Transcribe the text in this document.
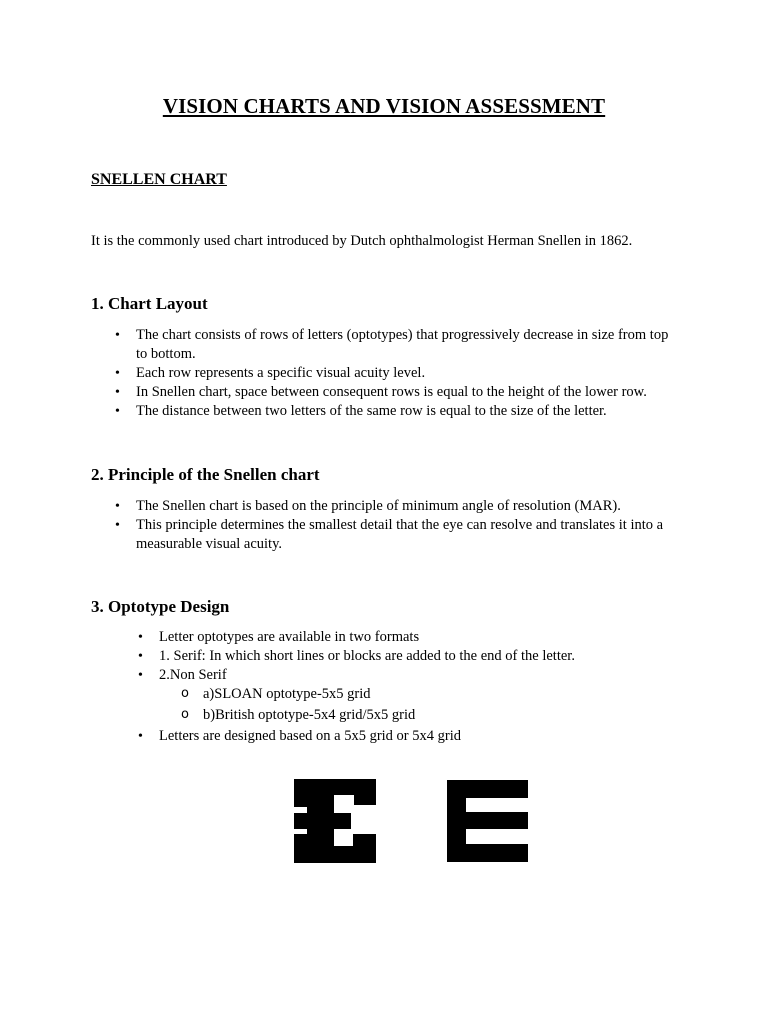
VISION CHARTS AND VISION ASSESSMENT
SNELLEN CHART
It is the commonly used chart introduced by Dutch ophthalmologist Herman Snellen in 1862.
1. Chart Layout
• The chart consists of rows of letters (optotypes) that progressively decrease in size from top to bottom.
• Each row represents a specific visual acuity level.
• In Snellen chart, space between consequent rows is equal to the height of the lower row.
• The distance between two letters of the same row is equal to the size of the letter.
2. Principle of the Snellen chart
• The Snellen chart is based on the principle of minimum angle of resolution (MAR).
• This principle determines the smallest detail that the eye can resolve and translates it into a measurable visual acuity.
3. Optotype Design
• Letter optotypes are available in two formats
• 1. Serif: In which short lines or blocks are added to the end of the letter.
• 2.Non Serif
o a)SLOAN optotype-5x5 grid
o b)British optotype-5x4 grid/5x5 grid
• Letters are designed based on a 5x5 grid or 5x4 grid
